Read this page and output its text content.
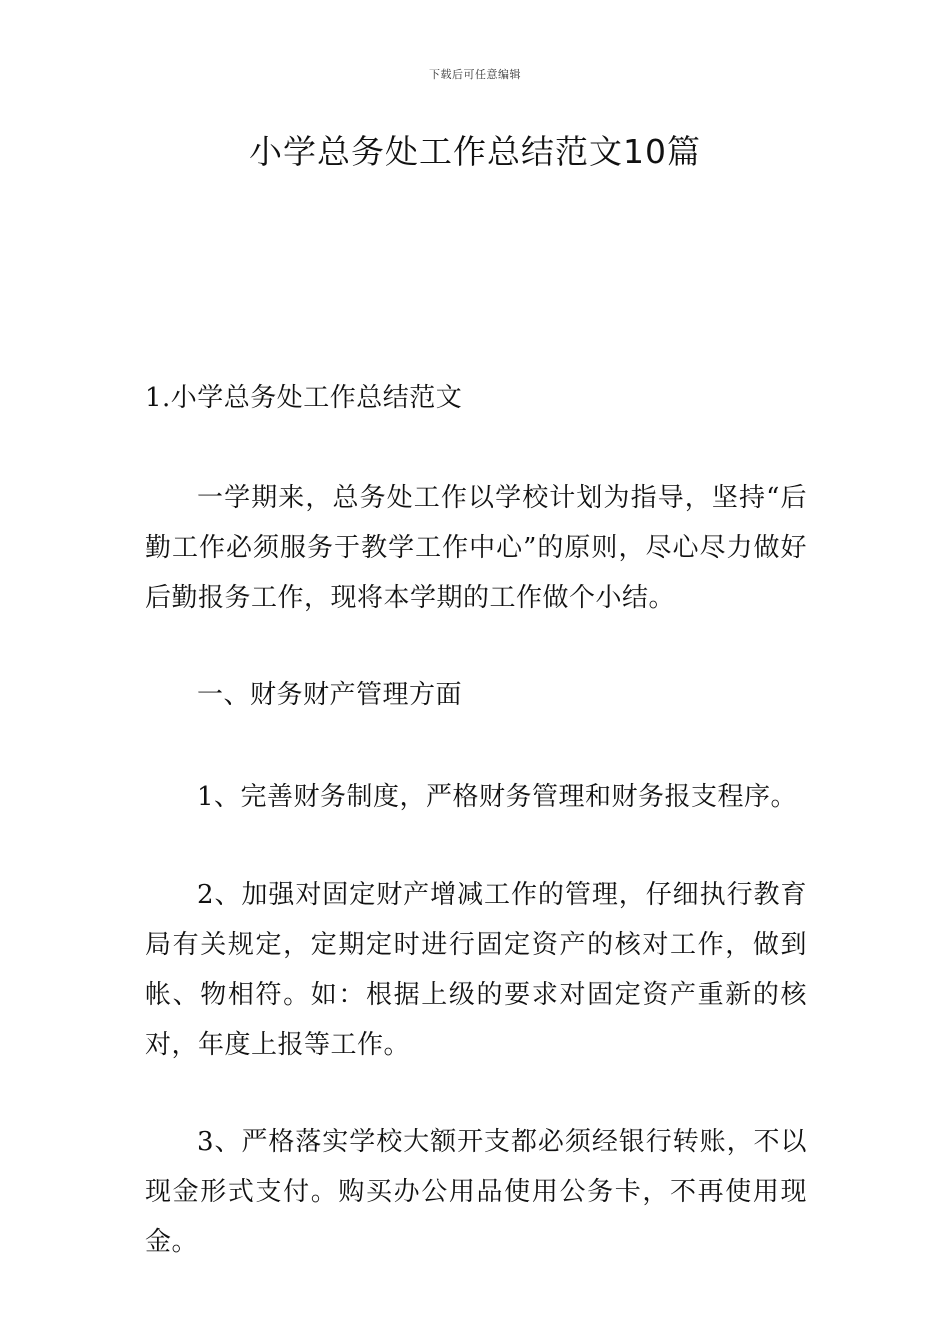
下载后可任意编辑
小学总务处工作总结范文10篇

1.小学总务处工作总结范文

一学期来，总务处工作以学校计划为指导，坚持“后勤工作必须服务于教学工作中心”的原则，尽心尽力做好后勤报务工作，现将本学期的工作做个小结。

一、财务财产管理方面

1、完善财务制度，严格财务管理和财务报支程序。

2、加强对固定财产增减工作的管理，仔细执行教育局有关规定，定期定时进行固定资产的核对工作，做到帐、物相符。如：根据上级的要求对固定资产重新的核对，年度上报等工作。

3、严格落实学校大额开支都必须经银行转账，不以现金形式支付。购买办公用品使用公务卡，不再使用现金。
